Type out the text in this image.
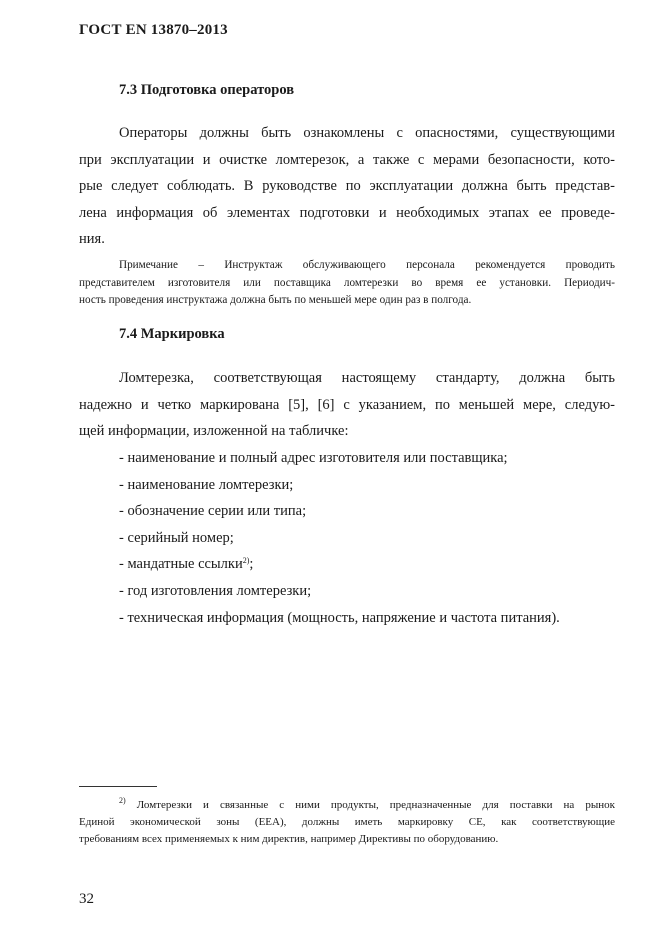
ГОСТ EN 13870–2013
7.3 Подготовка операторов
Операторы должны быть ознакомлены с опасностями, существующими
при эксплуатации и очистке ломтерезок, а также с мерами безопасности, кото-
рые следует соблюдать. В руководстве по эксплуатации должна быть представ-
лена информация об элементах подготовки и необходимых этапах ее проведе-
ния.
Примечание – Инструктаж обслуживающего персонала рекомендуется проводить
представителем изготовителя или поставщика ломтерезки во время ее установки. Периодич-
ность проведения инструктажа должна быть по меньшей мере один раз в полгода.
7.4 Маркировка
Ломтерезка, соответствующая настоящему стандарту, должна быть
надежно и четко маркирована [5], [6] с указанием, по меньшей мере, следую-
щей информации, изложенной на табличке:
- наименование и полный адрес изготовителя или поставщика;
- наименование ломтерезки;
- обозначение серии или типа;
- серийный номер;
- мандатные ссылки$^{2)}$;
- год изготовления ломтерезки;
- техническая информация (мощность, напряжение и частота питания).
$^{2)}$ Ломтерезки и связанные с ними продукты, предназначенные для поставки на рынок
Единой экономической зоны (EEA), должны иметь маркировку CE, как соответствующие
требованиям всех применяемых к ним директив, например Директивы по оборудованию.
32
